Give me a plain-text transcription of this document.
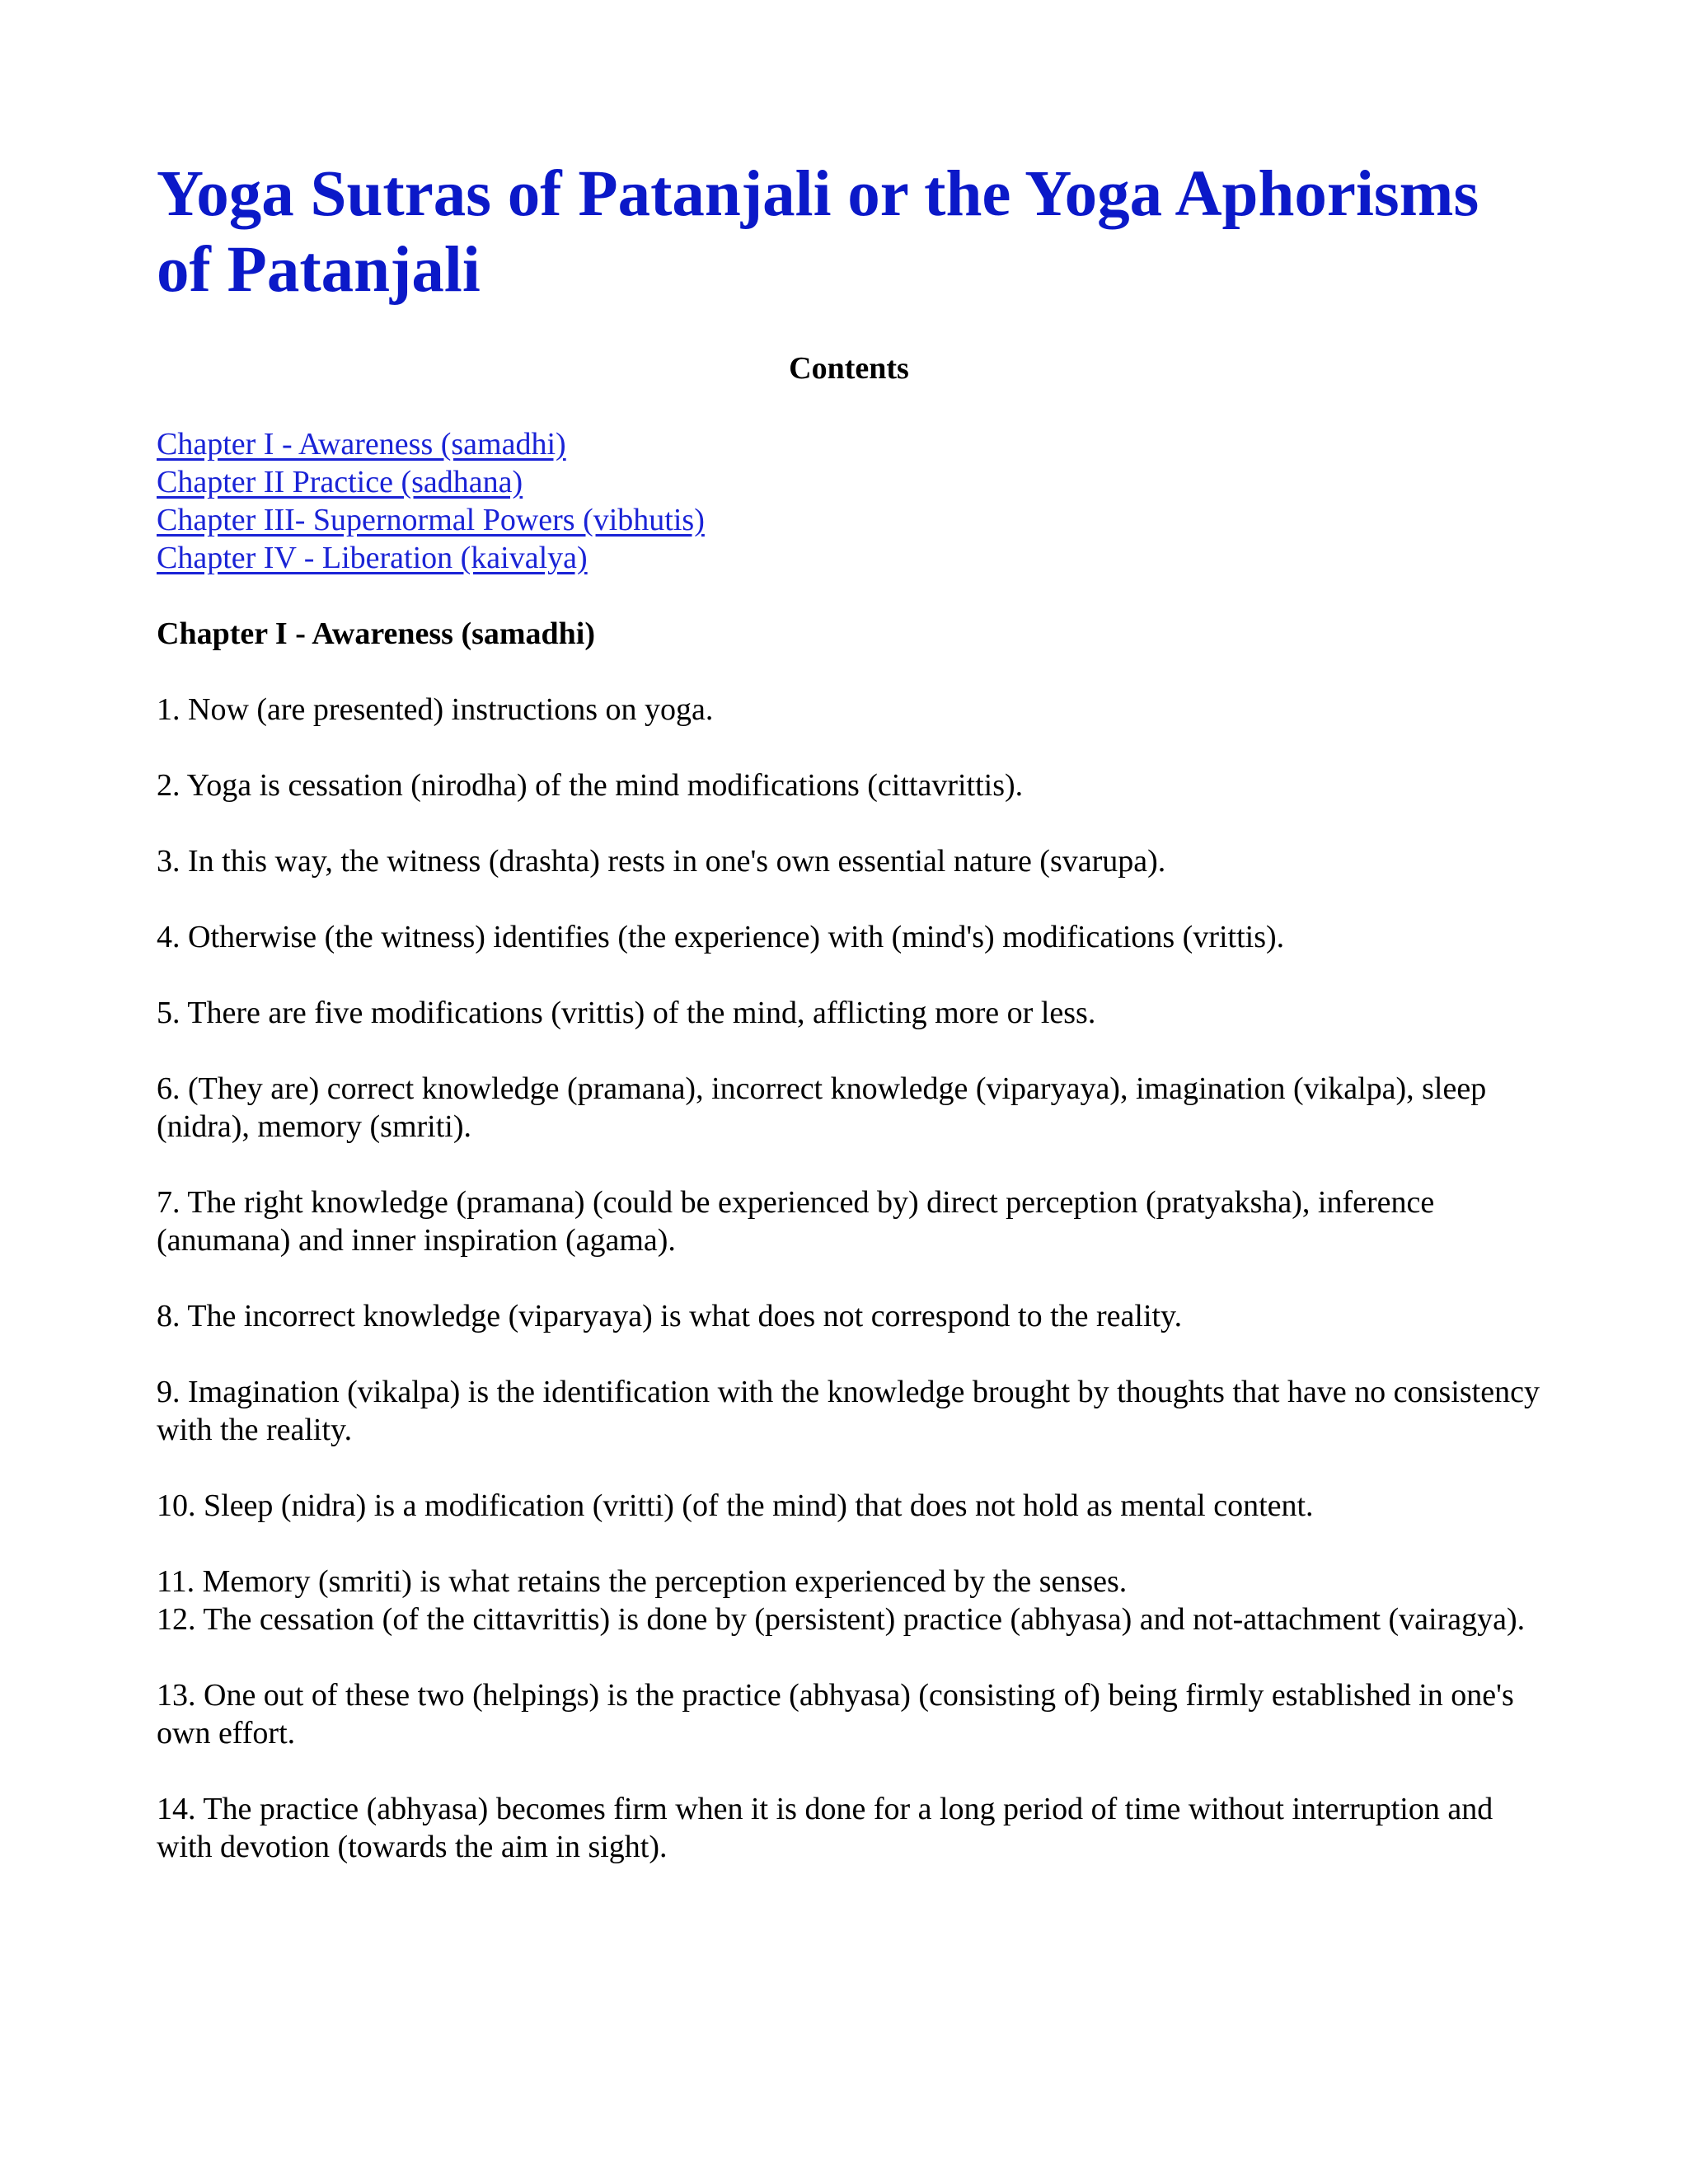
Yoga Sutras of Patanjali or the Yoga Aphorisms of Patanjali

Contents

Chapter I - Awareness (samadhi)
Chapter II Practice (sadhana)
Chapter III- Supernormal Powers (vibhutis)
Chapter IV - Liberation (kaivalya)

Chapter I - Awareness (samadhi)

1. Now (are presented) instructions on yoga.

2. Yoga is cessation (nirodha) of the mind modifications (cittavrittis).

3. In this way, the witness (drashta) rests in one's own essential nature (svarupa).

4. Otherwise (the witness) identifies (the experience) with (mind's) modifications (vrittis).

5. There are five modifications (vrittis) of the mind, afflicting more or less.

6. (They are) correct knowledge (pramana), incorrect knowledge (viparyaya), imagination (vikalpa), sleep (nidra), memory (smriti).

7. The right knowledge (pramana) (could be experienced by) direct perception (pratyaksha), inference (anumana) and inner inspiration (agama).

8. The incorrect knowledge (viparyaya) is what does not correspond to the reality.

9. Imagination (vikalpa) is the identification with the knowledge brought by thoughts that have no consistency with the reality.

10. Sleep (nidra) is a modification (vritti) (of the mind) that does not hold as mental content.

11. Memory (smriti) is what retains the perception experienced by the senses.

12. The cessation (of the cittavrittis) is done by (persistent) practice (abhyasa) and not-attachment (vairagya).

13. One out of these two (helpings) is the practice (abhyasa) (consisting of) being firmly established in one's own effort.

14. The practice (abhyasa) becomes firm when it is done for a long period of time without interruption and with devotion (towards the aim in sight).
